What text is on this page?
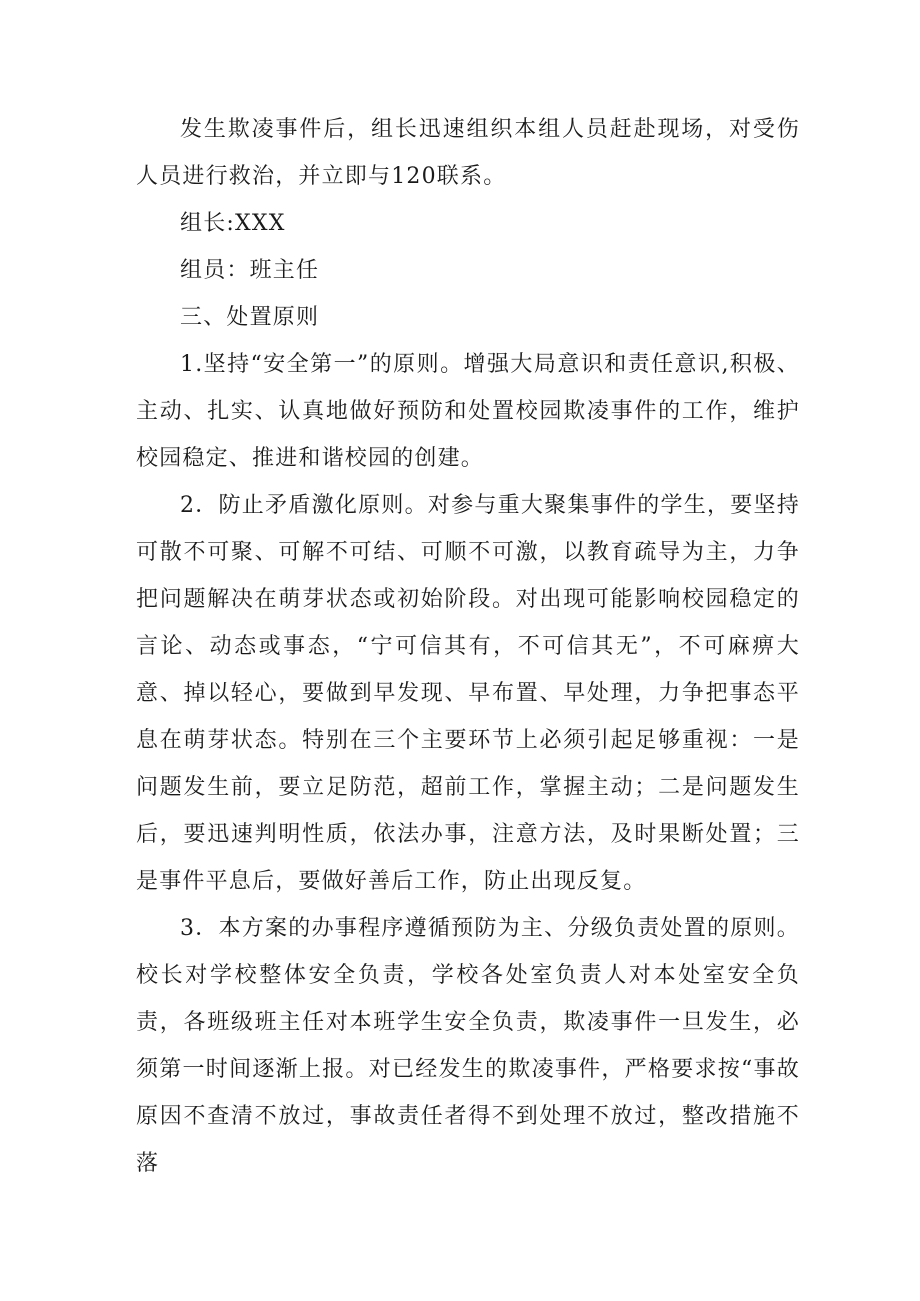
发生欺凌事件后，组长迅速组织本组人员赶赴现场，对受伤人员进行救治，并立即与120联系。

组长:XXX

组员：班主任

三、处置原则

1.坚持“安全第一”的原则。增强大局意识和责任意识,积极、主动、扎实、认真地做好预防和处置校园欺凌事件的工作，维护校园稳定、推进和谐校园的创建。

2．防止矛盾激化原则。对参与重大聚集事件的学生，要坚持可散不可聚、可解不可结、可顺不可激，以教育疏导为主，力争把问题解决在萌芽状态或初始阶段。对出现可能影响校园稳定的言论、动态或事态，“宁可信其有，不可信其无”，不可麻痹大意、掉以轻心，要做到早发现、早布置、早处理，力争把事态平息在萌芽状态。特别在三个主要环节上必须引起足够重视：一是问题发生前，要立足防范，超前工作，掌握主动；二是问题发生后，要迅速判明性质，依法办事，注意方法，及时果断处置；三是事件平息后，要做好善后工作，防止出现反复。

3．本方案的办事程序遵循预防为主、分级负责处置的原则。校长对学校整体安全负责，学校各处室负责人对本处室安全负责，各班级班主任对本班学生安全负责，欺凌事件一旦发生，必须第一时间逐渐上报。对已经发生的欺凌事件，严格要求按“事故原因不查清不放过，事故责任者得不到处理不放过，整改措施不落
